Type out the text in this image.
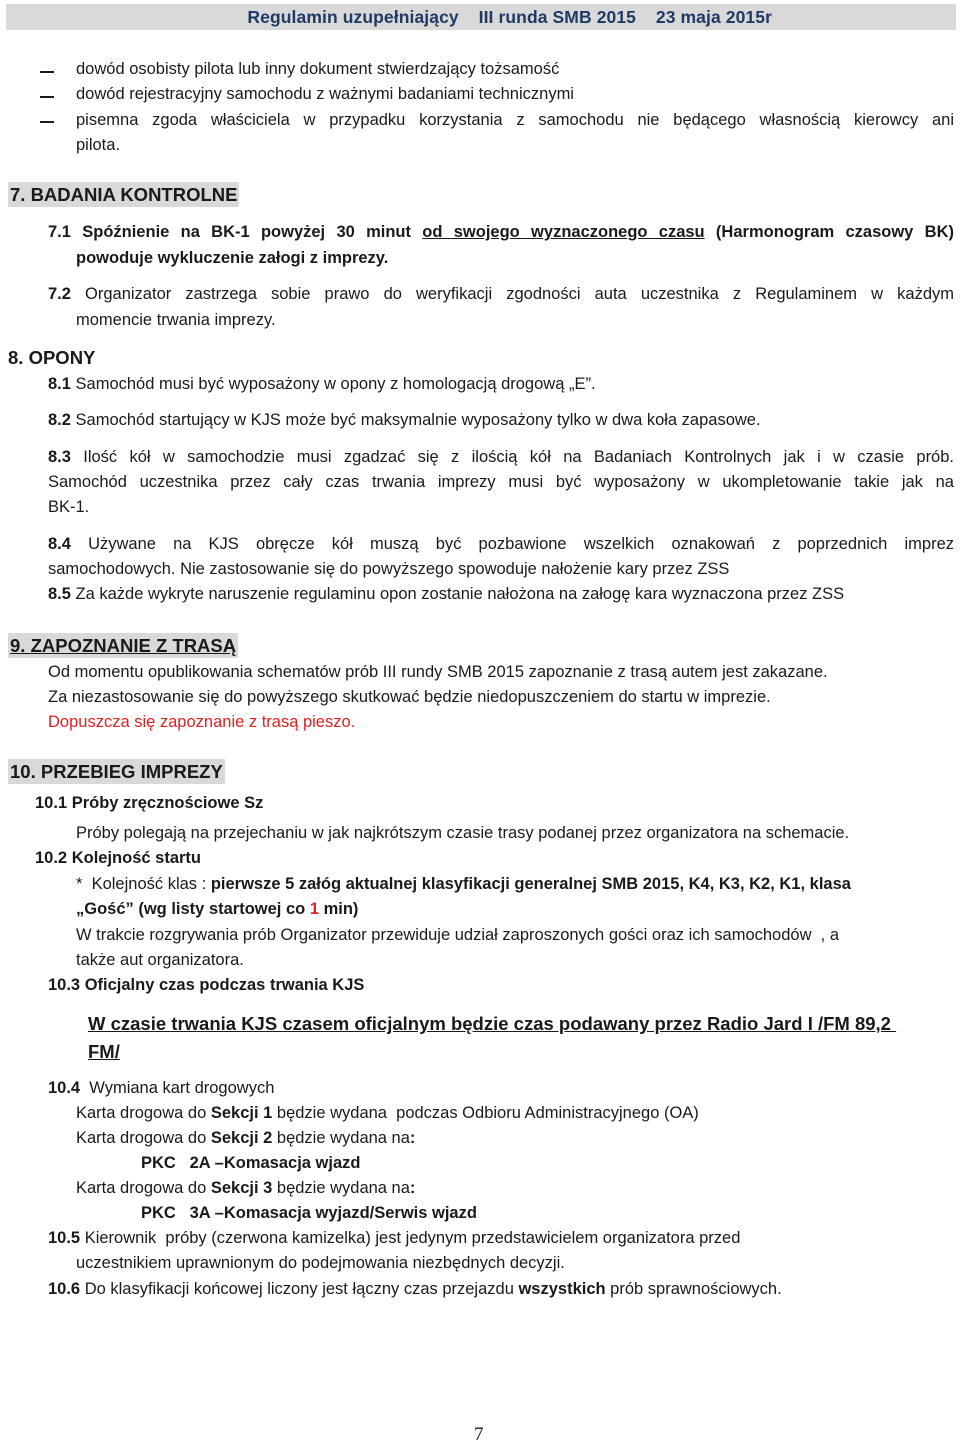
Regulamin uzupełniający    III runda SMB 2015    23 maja 2015r
dowód osobisty pilota lub inny dokument stwierdzający tożsamość
dowód rejestracyjny samochodu z ważnymi badaniami technicznymi
pisemna zgoda właściciela w przypadku korzystania z samochodu nie będącego własnością kierowcy ani
pilota.
7. BADANIA KONTROLNE
7.1 Spóźnienie na BK-1 powyżej 30 minut od swojego wyznaczonego czasu (Harmonogram czasowy BK)
powoduje wykluczenie załogi z imprezy.
7.2 Organizator zastrzega sobie prawo do weryfikacji zgodności auta uczestnika z Regulaminem w każdym
momencie trwania imprezy.
8. OPONY
8.1 Samochód musi być wyposażony w opony z homologacją drogową „E”.
8.2 Samochód startujący w KJS może być maksymalnie wyposażony tylko w dwa koła zapasowe.
8.3 Ilość kół w samochodzie musi zgadzać się z ilością kół na Badaniach Kontrolnych jak i w czasie prób.
Samochód uczestnika przez cały czas trwania imprezy musi być wyposażony w ukompletowanie takie jak na
BK-1.
8.4 Używane na KJS obręcze kół muszą być pozbawione wszelkich oznakowań z poprzednich imprez
samochodowych. Nie zastosowanie się do powyższego spowoduje nałożenie kary przez ZSS
8.5 Za każde wykryte naruszenie regulaminu opon zostanie nałożona na załogę kara wyznaczona przez ZSS
9. ZAPOZNANIE Z TRASĄ
Od momentu opublikowania schematów prób III rundy SMB 2015 zapoznanie z trasą autem jest zakazane.
Za niezastosowanie się do powyższego skutkować będzie niedopuszczeniem do startu w imprezie.
Dopuszcza się zapoznanie z trasą pieszo.
10. PRZEBIEG IMPREZY
10.1 Próby zręcznościowe Sz
Próby polegają na przejechaniu w jak najkrótszym czasie trasy podanej przez organizatora na schemacie.
10.2 Kolejność startu
*  Kolejność klas : pierwsze 5 załóg aktualnej klasyfikacji generalnej SMB 2015, K4, K3, K2, K1, klasa
„Gość” (wg listy startowej co 1 min)
W trakcie rozgrywania prób Organizator przewiduje udział zaproszonych gości oraz ich samochodów  , a
także aut organizatora.
10.3 Oficjalny czas podczas trwania KJS
W czasie trwania KJS czasem oficjalnym będzie czas podawany przez Radio Jard I /FM 89,2
FM/
10.4  Wymiana kart drogowych
Karta drogowa do Sekcji 1 będzie wydana  podczas Odbioru Administracyjnego (OA)
Karta drogowa do Sekcji 2 będzie wydana na:
PKC   2A –Komasacja wjazd
Karta drogowa do Sekcji 3 będzie wydana na:
PKC   3A –Komasacja wyjazd/Serwis wjazd
10.5 Kierownik  próby (czerwona kamizelka) jest jedynym przedstawicielem organizatora przed
uczestnikiem uprawnionym do podejmowania niezbędnych decyzji.
10.6 Do klasyfikacji końcowej liczony jest łączny czas przejazdu wszystkich prób sprawnościowych.
7
